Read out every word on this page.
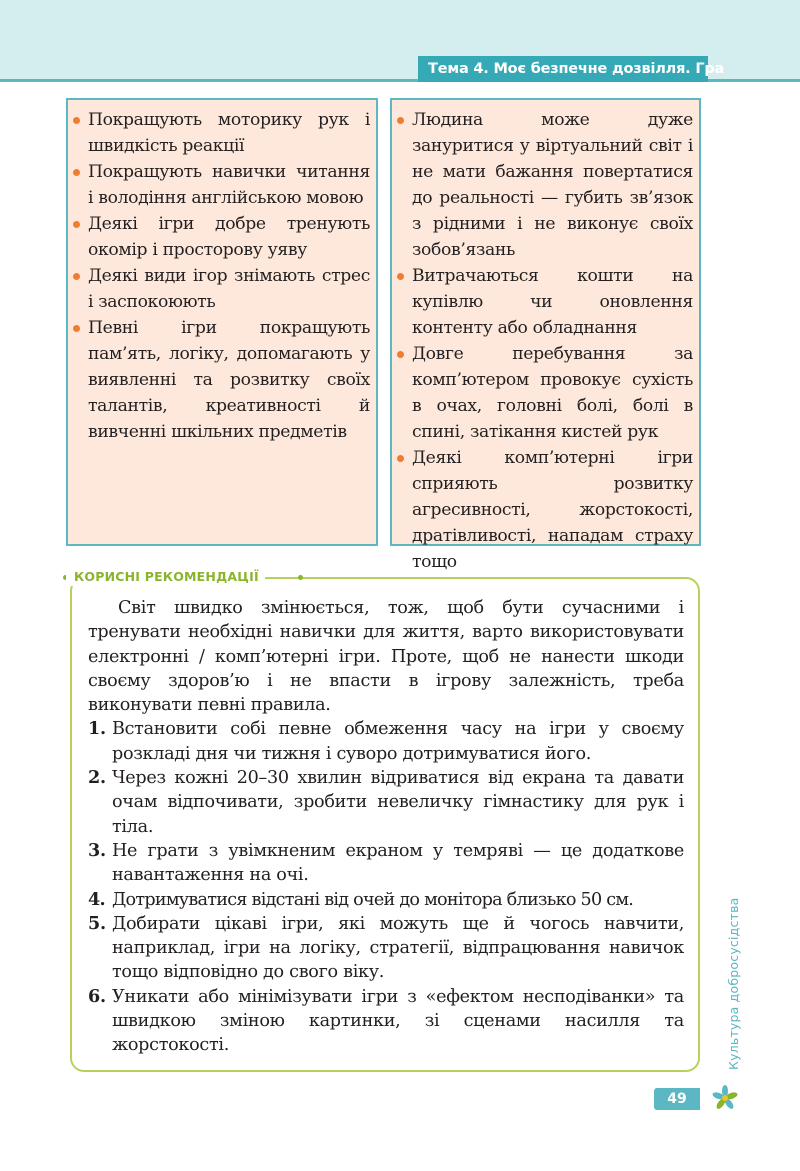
Тема 4. Моє безпечне дозвілля. Гра
Покращують моторику рук і швидкість реакції
Покращують навички читання і володіння англійською мовою
Деякі ігри добре тренують окомір і просторову уяву
Деякі види ігор знімають стрес і заспокоюють
Певні ігри покращують пам’ять, логіку, допомагають у виявленні та розвитку своїх талантів, креативності й вивченні шкільних предметів
Людина може дуже зануритися у віртуальний світ і не мати бажання повертатися до реальності — губить зв’язок з рідними і не виконує своїх зобов’язань
Витрачаються кошти на купівлю чи оновлення контенту або обладнання
Довге перебування за комп’ютером провокує сухість в очах, головні болі, болі в спині, затікання кистей рук
Деякі комп’ютерні ігри сприяють розвитку агресивності, жорстокості, дратівливості, нападам страху тощо
КОРИСНІ РЕКОМЕНДАЦІЇ

Світ швидко змінюється, тож, щоб бути сучасними і тренувати необхідні навички для життя, варто використовувати електронні / комп’ютерні ігри. Проте, щоб не нанести шкоди своєму здоров’ю і не впасти в ігрову залежність, треба виконувати певні правила.

1. Встановити собі певне обмеження часу на ігри у своєму розкладі дня чи тижня і суворо дотримуватися його.
2. Через кожні 20–30 хвилин відриватися від екрана та давати очам відпочивати, зробити невеличку гімнастику для рук і тіла.
3. Не грати з увімкненим екраном у темряві — це додаткове навантаження на очі.
4. Дотримуватися відстані від очей до монітора близько 50 см.
5. Добирати цікаві ігри, які можуть ще й чогось навчити, наприклад, ігри на логіку, стратегії, відпрацювання навичок тощо відповідно до свого віку.
6. Уникати або мінімізувати ігри з «ефектом несподіванки» та швидкою зміною картинки, зі сценами насилля та жорстокості.	Культура добросусідства
49
